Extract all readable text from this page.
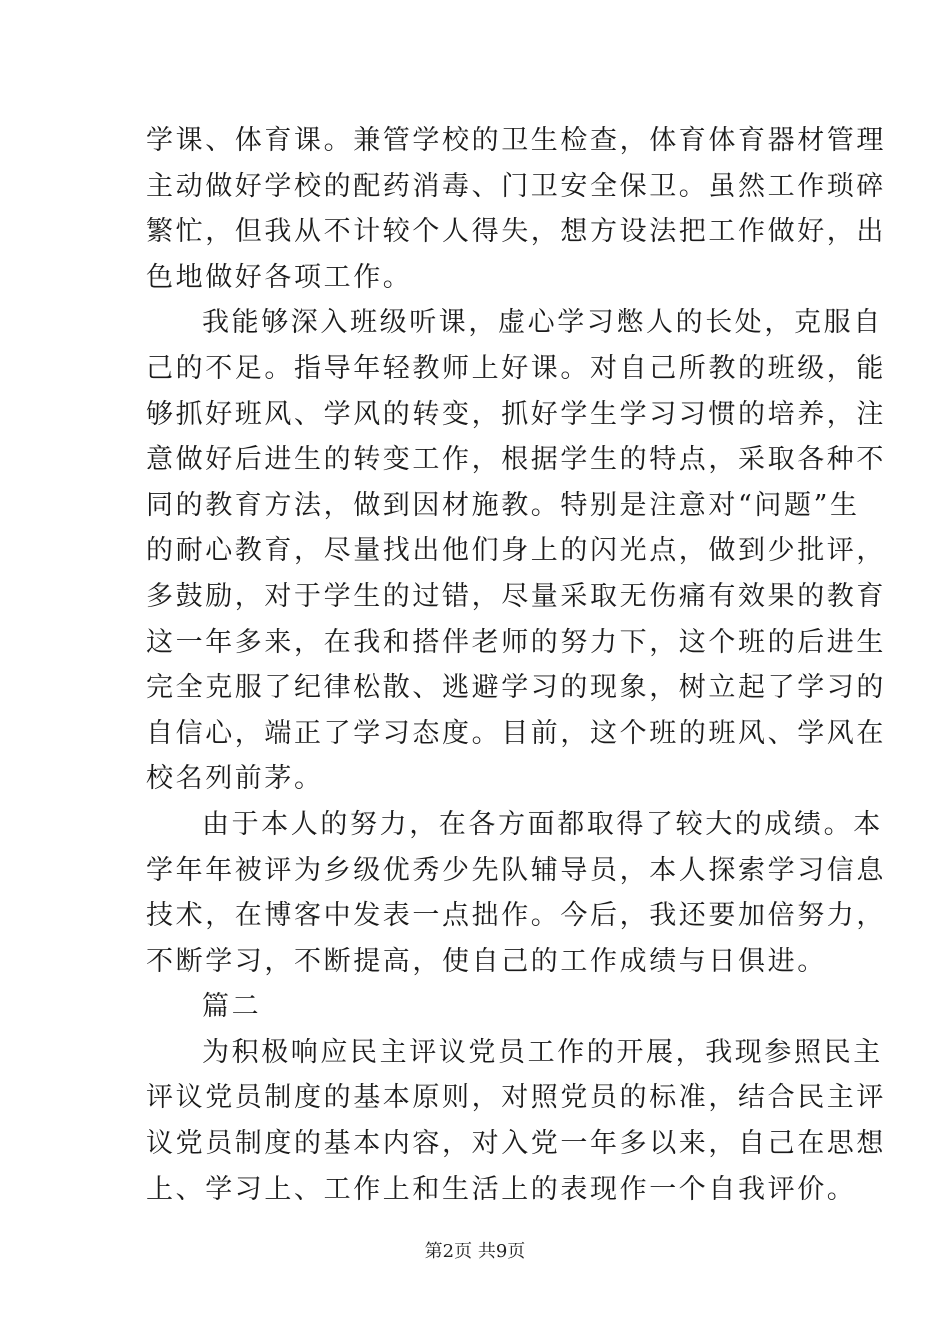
学课、体育课。兼管学校的卫生检查，体育体育器材管理
主动做好学校的配药消毒、门卫安全保卫。虽然工作琐碎
繁忙，但我从不计较个人得失，想方设法把工作做好，出
色地做好各项工作。
我能够深入班级听课，虚心学习憋人的长处，克服自
己的不足。指导年轻教师上好课。对自己所教的班级，能
够抓好班风、学风的转变，抓好学生学习习惯的培养，注
意做好后进生的转变工作，根据学生的特点，采取各种不
同的教育方法，做到因材施教。特别是注意对“问题”生
的耐心教育，尽量找出他们身上的闪光点，做到少批评，
多鼓励，对于学生的过错，尽量采取无伤痛有效果的教育
这一年多来，在我和搭伴老师的努力下，这个班的后进生
完全克服了纪律松散、逃避学习的现象，树立起了学习的
自信心，端正了学习态度。目前，这个班的班风、学风在
校名列前茅。
由于本人的努力，在各方面都取得了较大的成绩。本
学年年被评为乡级优秀少先队辅导员，本人探索学习信息
技术，在博客中发表一点拙作。今后，我还要加倍努力，
不断学习，不断提高，使自己的工作成绩与日俱进。
篇二
为积极响应民主评议党员工作的开展，我现参照民主
评议党员制度的基本原则，对照党员的标准，结合民主评
议党员制度的基本内容，对入党一年多以来，自己在思想
上、学习上、工作上和生活上的表现作一个自我评价。
第2页 共9页
